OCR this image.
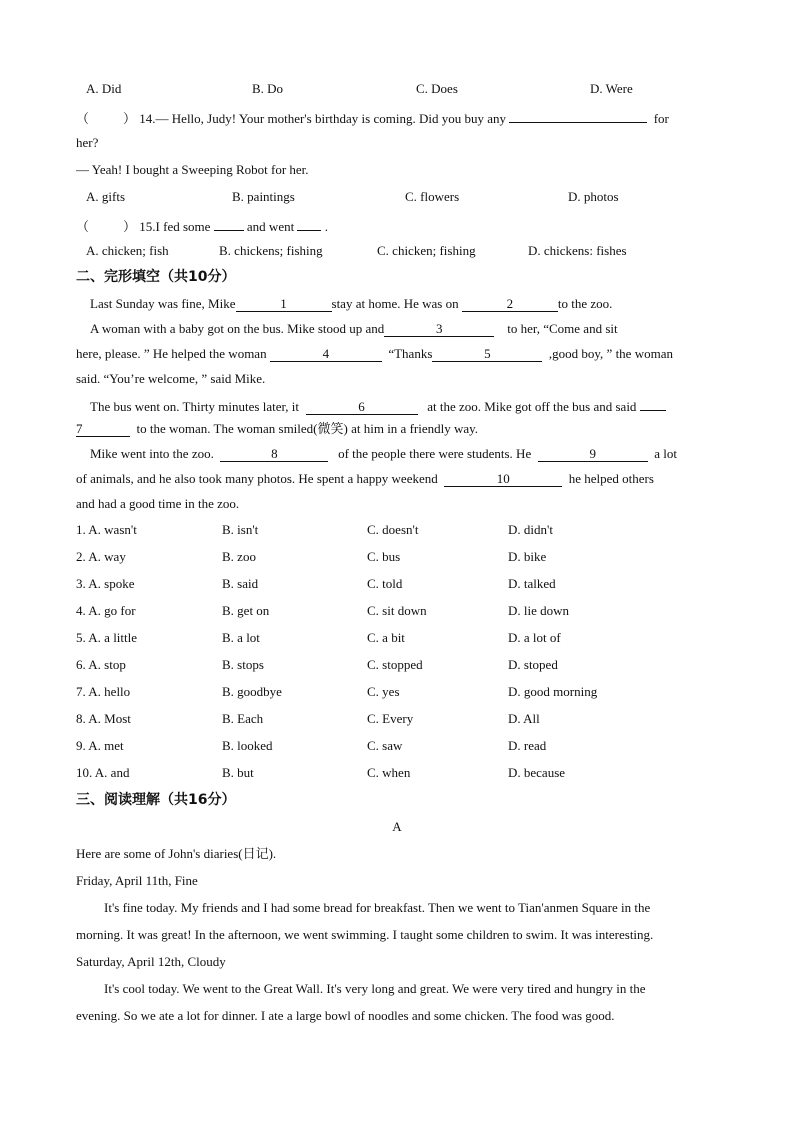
A. Did	B. Do	C. Does	D. Were
（	） 14.— Hello, Judy! Your mother's birthday is coming. Did you buy any	for
her?
— Yeah! I bought a Sweeping Robot for her.
A. gifts	B. paintings	C. flowers	D. photos
（	） 15.I fed some	and went .
A. chicken; fish	B. chickens; fishing	C. chicken; fishing	D. chickens: fishes
二、完形填空（共10分）
Last Sunday was fine, Mike	1	stay at home. He was on	2	to the zoo.
A woman with a baby got on the bus. Mike stood up and	3	to her, “Come and sit
here, please. ” He helped the woman	4	“Thanks	5	,good boy, ” the woman
said. “You’re welcome, ” said Mike.
The bus went on. Thirty minutes later, it	6	at the zoo. Mike got off the bus and said
7	to the woman. The woman smiled(微笑) at him in a friendly way.
Mike went into the zoo.	8	of the people there were students. He	9	a lot
of animals, and he also took many photos. He spent a happy weekend	10	he helped others
and had a good time in the zoo.
1. A. wasn't	B. isn't	C. doesn't	D. didn't
2. A. way	B. zoo	C. bus	D. bike
3. A. spoke	B. said	C. told	D. talked
4. A. go for	B. get on	C. sit down	D. lie down
5. A. a little	B. a lot	C. a bit	D. a lot of
6. A. stop	B. stops	C. stopped	D. stoped
7. A. hello	B. goodbye	C. yes	D. good morning
8. A. Most	B. Each	C. Every	D. All
9. A. met	B. looked	C. saw	D. read
10. A. and	B. but	C. when	D. because
三、阅读理解（共16分）
A
Here are some of John's diaries(日记).
Friday, April 11th, Fine
It's fine today. My friends and I had some bread for breakfast. Then we went to Tian'anmen Square in the
morning. It was great! In the afternoon, we went swimming. I taught some children to swim. It was interesting.
Saturday, April 12th, Cloudy
It's cool today. We went to the Great Wall. It's very long and great. We were very tired and hungry in the
evening. So we ate a lot for dinner. I ate a large bowl of noodles and some chicken. The food was good.
